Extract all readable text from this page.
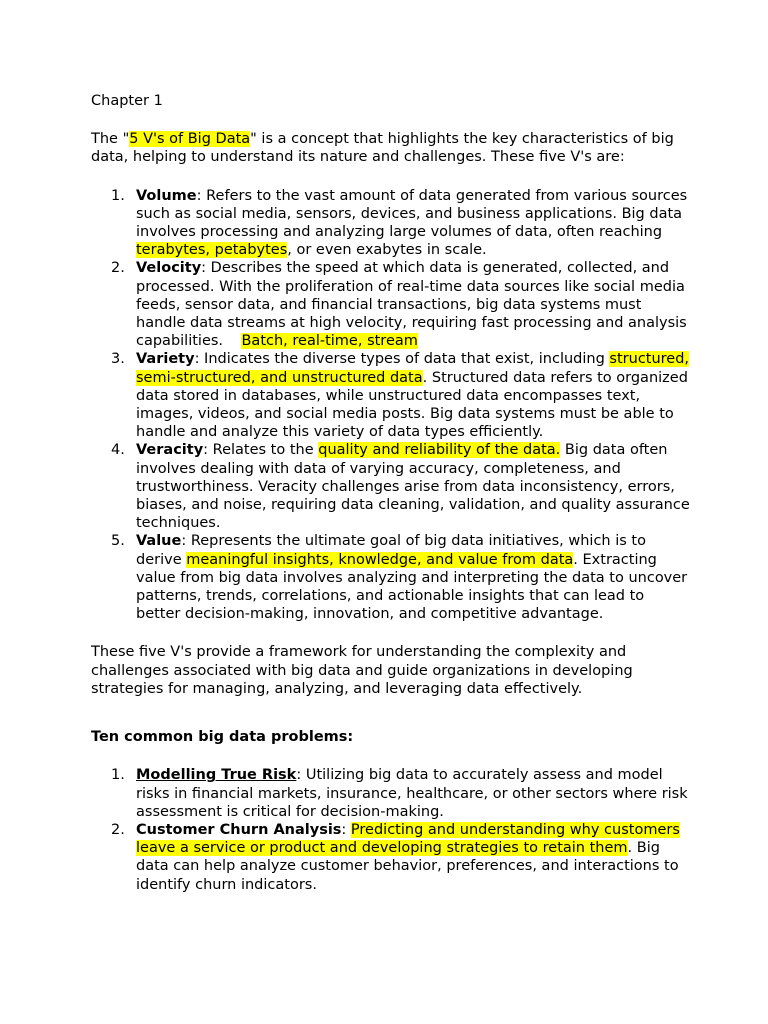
Chapter 1

The "5 V's of Big Data" is a concept that highlights the key characteristics of big data, helping to understand its nature and challenges. These five V's are:

1. Volume: Refers to the vast amount of data generated from various sources such as social media, sensors, devices, and business applications. Big data involves processing and analyzing large volumes of data, often reaching terabytes, petabytes, or even exabytes in scale.
2. Velocity: Describes the speed at which data is generated, collected, and processed. With the proliferation of real-time data sources like social media feeds, sensor data, and financial transactions, big data systems must handle data streams at high velocity, requiring fast processing and analysis capabilities.    Batch, real-time, stream
3. Variety: Indicates the diverse types of data that exist, including structured, semi-structured, and unstructured data. Structured data refers to organized data stored in databases, while unstructured data encompasses text, images, videos, and social media posts. Big data systems must be able to handle and analyze this variety of data types efficiently.
4. Veracity: Relates to the quality and reliability of the data. Big data often involves dealing with data of varying accuracy, completeness, and trustworthiness. Veracity challenges arise from data inconsistency, errors, biases, and noise, requiring data cleaning, validation, and quality assurance techniques.
5. Value: Represents the ultimate goal of big data initiatives, which is to derive meaningful insights, knowledge, and value from data. Extracting value from big data involves analyzing and interpreting the data to uncover patterns, trends, correlations, and actionable insights that can lead to better decision-making, innovation, and competitive advantage.

These five V's provide a framework for understanding the complexity and challenges associated with big data and guide organizations in developing strategies for managing, analyzing, and leveraging data effectively.

Ten common big data problems:

1. Modelling True Risk: Utilizing big data to accurately assess and model risks in financial markets, insurance, healthcare, or other sectors where risk assessment is critical for decision-making.
2. Customer Churn Analysis: Predicting and understanding why customers leave a service or product and developing strategies to retain them. Big data can help analyze customer behavior, preferences, and interactions to identify churn indicators.
